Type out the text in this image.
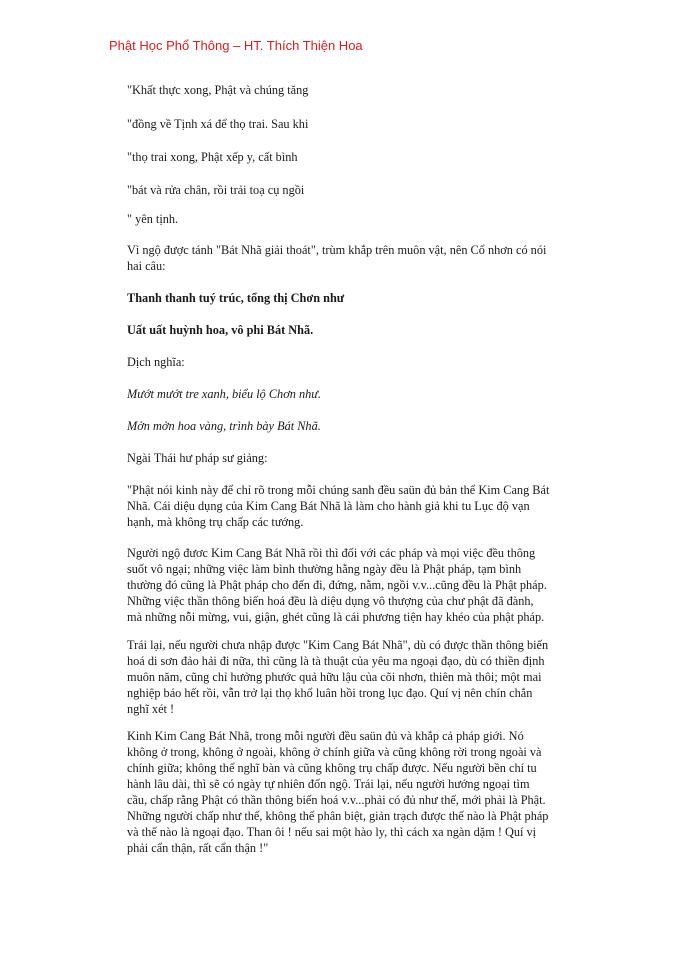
Phật Học Phổ Thông – HT. Thích Thiện Hoa

"Khất thực xong, Phật và chúng tăng

"đồng về Tịnh xá để thọ trai. Sau khi

"thọ trai xong, Phật xếp y, cất bình

"bát và rửa chân, rồi trải toạ cụ ngồi

" yên tịnh.

Vì ngộ được tánh "Bát Nhã giải thoát", trùm khắp trên muôn vật, nên Cổ nhơn có nói

hai câu:

Thanh thanh tuý trúc, tổng thị Chơn như

Uất uất huỳnh hoa, vô phi Bát Nhã.

Dịch nghĩa:

Mướt mướt tre xanh, biểu lộ Chơn như.

Mởn mởn hoa vàng, trình bày Bát Nhã.

Ngài Thái hư pháp sư giảng:

"Phật nói kinh này để chỉ rõ trong mỗi chúng sanh đều saün đủ bản thể Kim Cang Bát

Nhã. Cái diệu dụng của Kim Cang Bát Nhã là làm cho hành giả khi tu Lục độ vạn

hạnh, mà không trụ chấp các tướng.

Người ngộ đươc Kim Cang Bát Nhã rồi thì đối với các pháp và mọi việc đều thông

suốt vô ngại; những việc làm bình thường hằng ngày đều là Phật pháp, tạm bình

thường đó cũng là Phật pháp cho đến đi, đứng, nằm, ngồi v.v...cũng đều là Phật pháp.

Những việc thần thông biến hoá đều là diệu dụng vô thượng của chư phật đã đành,

mà những nỗi mừng, vui, giận, ghét cũng là cái phương tiện hay khéo của phật pháp.

Trái lại, nếu người chưa nhập được "Kim Cang Bát Nhã", dù có được thần thông biến

hoá di sơn đảo hải đi nữa, thì cũng là tà thuật của yêu ma ngoại đạo, dù có thiền định

muôn năm, cũng chỉ hưởng phước quả hữu lậu của cõi nhơn, thiên mà thôi; một mai

nghiệp báo hết rồi, vẫn trở lại thọ khổ luân hồi trong lục đạo. Quí vị nên chín chắn

nghĩ xét !

Kinh Kim Cang Bát Nhã, trong mỗi người đều saün đủ và khắp cả pháp giới. Nó

không ở trong, không ở ngoài, không ở chính giữa và cũng không rời trong ngoài và

chính giữa; không thể nghĩ bàn và cũng không trụ chấp được. Nếu người bền chí tu

hành lâu dài, thì sẽ có ngày tự nhiên đốn ngộ. Trái lại, nếu người hướng ngoại tìm

cầu, chấp rằng Phật có thần thông biến hoá v.v...phải có đủ như thế, mới phải là Phật.

Những người chấp như thế, không thể phân biệt, giản trạch được thế nào là Phật pháp

và thế nào là ngoại đạo. Than ôi ! nếu sai một hào ly, thì cách xa ngàn dặm ! Quí vị

phải cẩn thận, rất cẩn thận !"
